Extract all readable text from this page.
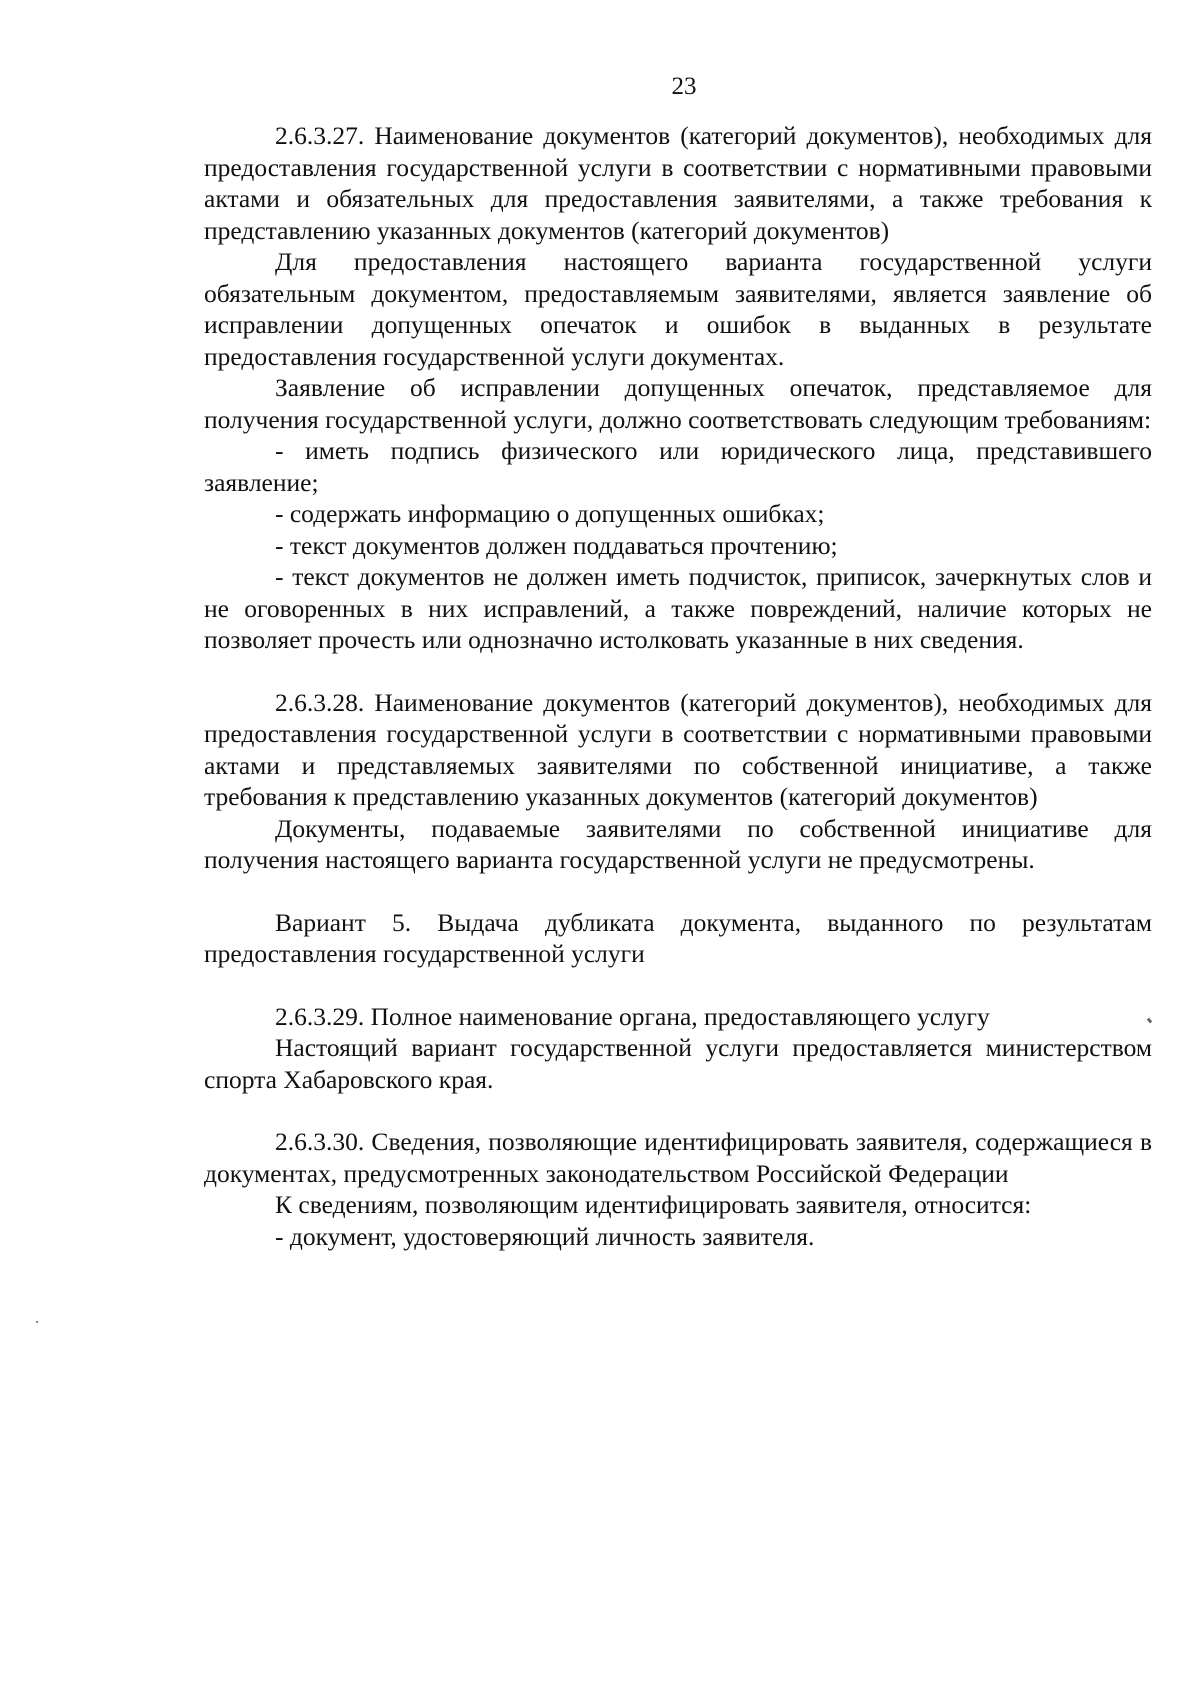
23

2.6.3.27. Наименование документов (категорий документов), необходимых для предоставления государственной услуги в соответствии с нормативными правовыми актами и обязательных для предоставления заявителями, а также требования к представлению указанных документов (категорий документов)

Для предоставления настоящего варианта государственной услуги обязательным документом, предоставляемым заявителями, является заявление об исправлении допущенных опечаток и ошибок в выданных в результате предоставления государственной услуги документах.

Заявление об исправлении допущенных опечаток, представляемое для получения государственной услуги, должно соответствовать следующим требованиям:

- иметь подпись физического или юридического лица, представившего заявление;

- содержать информацию о допущенных ошибках;

- текст документов должен поддаваться прочтению;

- текст документов не должен иметь подчисток, приписок, зачеркнутых слов и не оговоренных в них исправлений, а также повреждений, наличие которых не позволяет прочесть или однозначно истолковать указанные в них сведения.

2.6.3.28. Наименование документов (категорий документов), необходимых для предоставления государственной услуги в соответствии с нормативными правовыми актами и представляемых заявителями по собственной инициативе, а также требования к представлению указанных документов (категорий документов)

Документы, подаваемые заявителями по собственной инициативе для получения настоящего варианта государственной услуги не предусмотрены.

Вариант 5. Выдача дубликата документа, выданного по результатам предоставления государственной услуги

2.6.3.29. Полное наименование органа, предоставляющего услугу

Настоящий вариант государственной услуги предоставляется министерством спорта Хабаровского края.

2.6.3.30. Сведения, позволяющие идентифицировать заявителя, содержащиеся в документах, предусмотренных законодательством Российской Федерации

К сведениям, позволяющим идентифицировать заявителя, относится:

- документ, удостоверяющий личность заявителя.
